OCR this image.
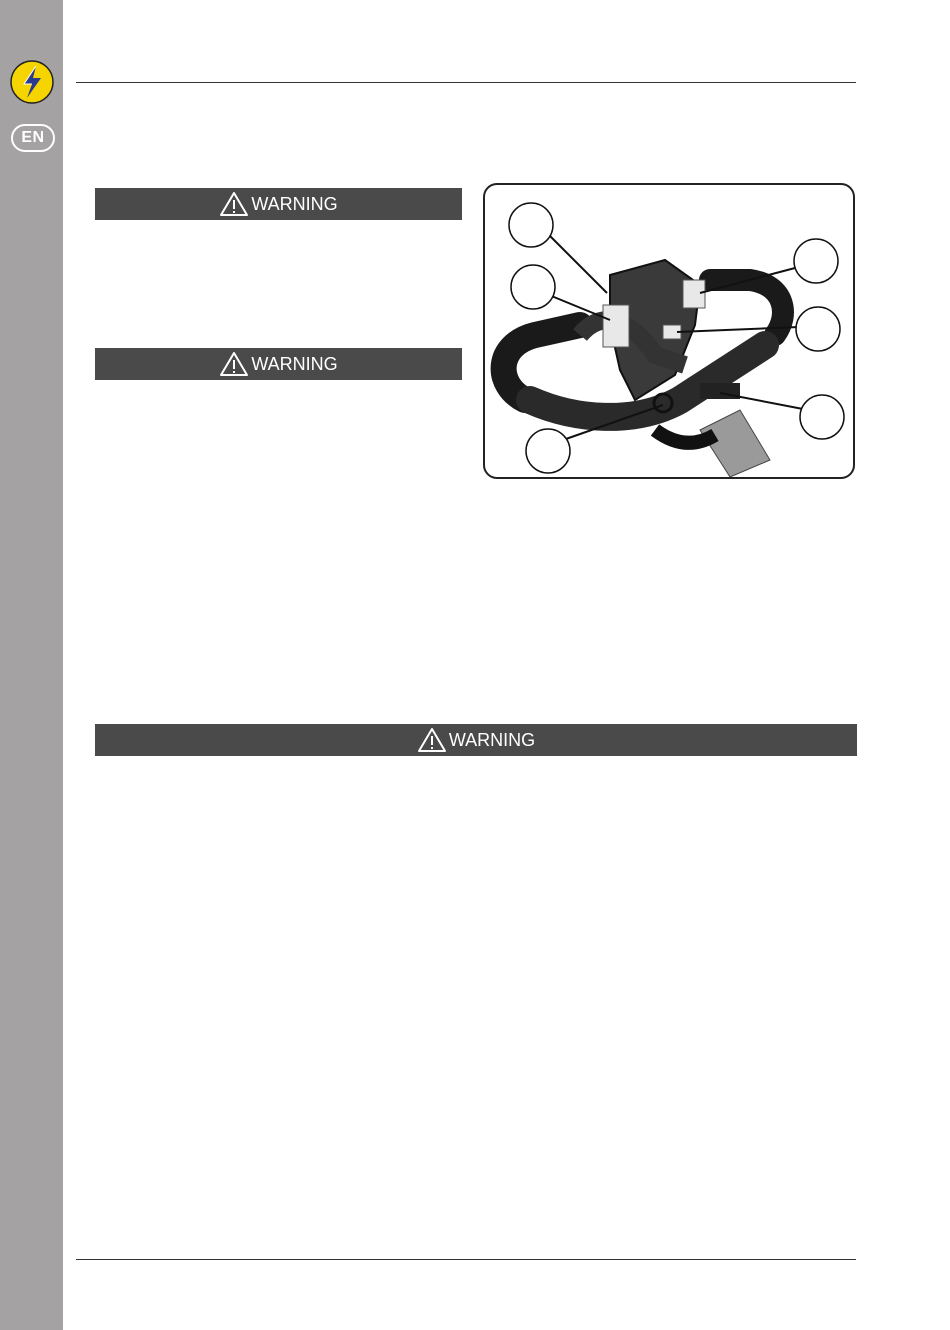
EN
WARNING
WARNING
WARNING
